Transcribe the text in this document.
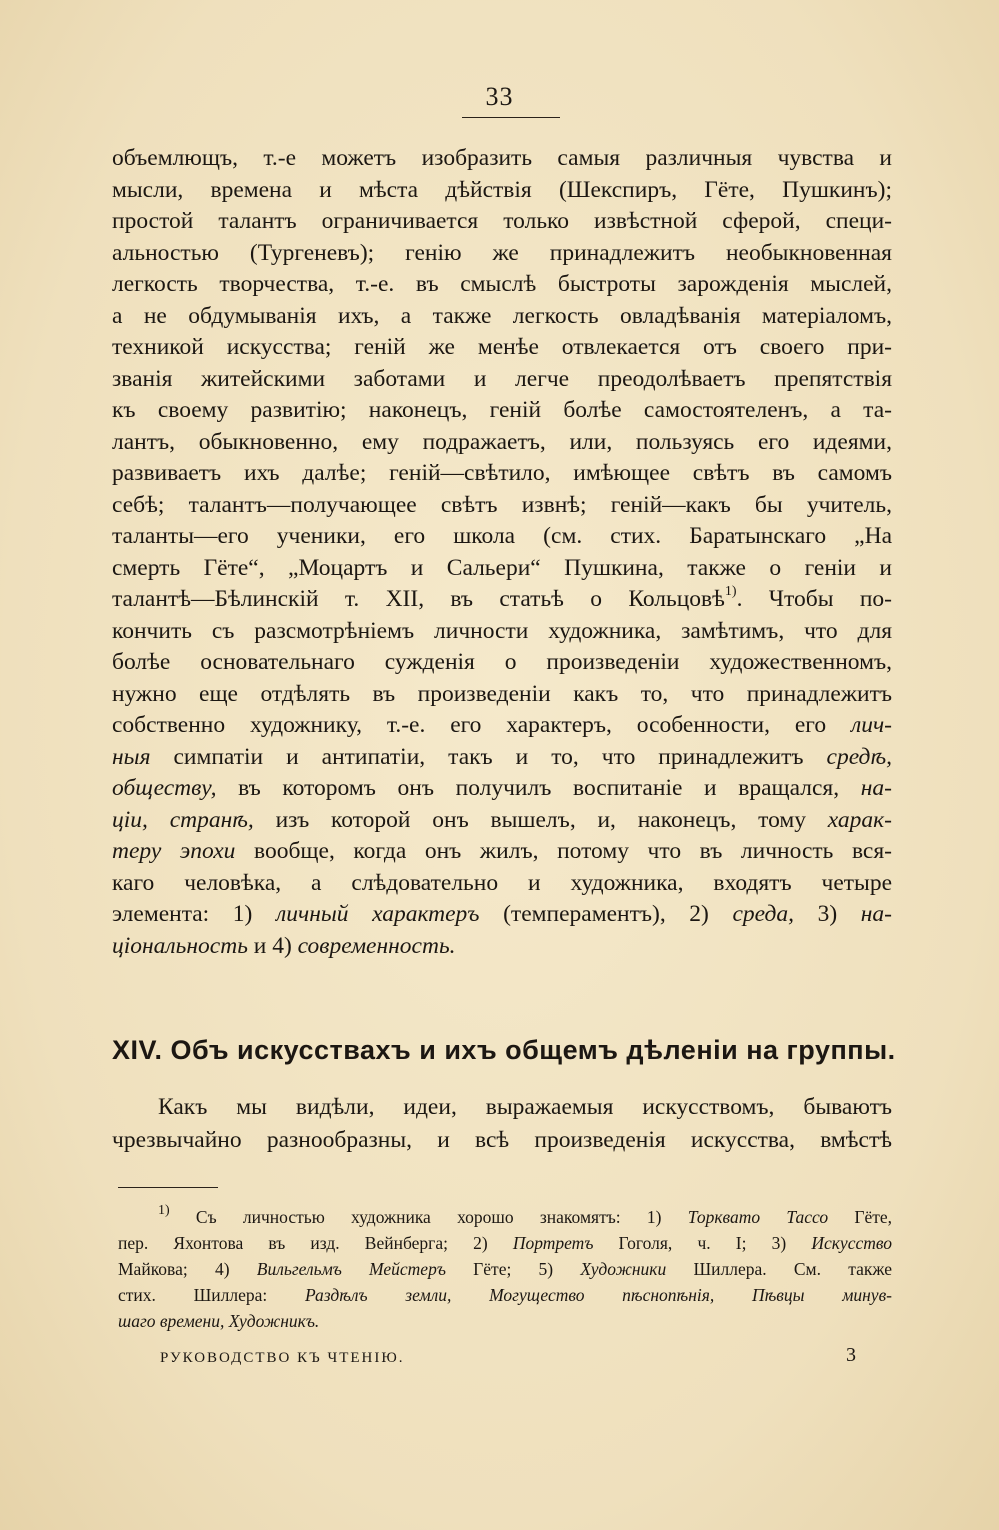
33
объемлющъ, т.-е можетъ изобразить самыя различныя чувства и
мысли, времена и мѣста дѣйствія (Шекспиръ, Гёте, Пушкинъ);
простой талантъ ограничивается только извѣстной сферой, специ-
альностью (Тургеневъ); генію же принадлежитъ необыкновенная
легкость творчества, т.-е. въ смыслѣ быстроты зарожденія мыслей,
а не обдумыванія ихъ, а также легкость овладѣванія матеріаломъ,
техникой искусства; геній же менѣе отвлекается отъ своего при-
званія житейскими заботами и легче преодолѣваетъ препятствія
къ своему развитію; наконецъ, геній болѣе самостоятеленъ, а та-
лантъ, обыкновенно, ему подражаетъ, или, пользуясь его идеями,
развиваетъ ихъ далѣе; геній—свѣтило, имѣющее свѣтъ въ самомъ
себѣ; талантъ—получающее свѣтъ извнѣ; геній—какъ бы учитель,
таланты—его ученики, его школа (см. стих. Баратынскаго „На
смерть Гёте“, „Моцартъ и Сальери“ Пушкина, также о геніи и
талантѣ—Бѣлинскій т. XII, въ статьѣ о Кольцовѣ$^{1)}$. Чтобы по-
кончить съ разсмотрѣніемъ личности художника, замѣтимъ, что для
болѣе основательнаго сужденія о произведеніи художественномъ,
нужно еще отдѣлять въ произведеніи какъ то, что принадлежитъ
собственно художнику, т.-е. его характеръ, особенности, его лич-
ныя симпатіи и антипатіи, такъ и то, что принадлежитъ средѣ,
обществу, въ которомъ онъ получилъ воспитаніе и вращался, на-
ціи, странѣ, изъ которой онъ вышелъ, и, наконецъ, тому харак-
теру эпохи вообще, когда онъ жилъ, потому что въ личность вся-
каго человѣка, а слѣдовательно и художника, входятъ четыре
элемента: 1) личный характеръ (темпераментъ), 2) среда, 3) на-
ціональность и 4) современность.
XIV. Объ искусствахъ и ихъ общемъ дѣленіи на группы.
Какъ мы видѣли, идеи, выражаемыя искусствомъ, бываютъ
чрезвычайно разнообразны, и всѣ произведенія искусства, вмѣстѣ
$^{1)}$ Съ личностью художника хорошо знакомятъ: 1) Торквато Тассо Гёте,
пер. Яхонтова въ изд. Вейнберга; 2) Портретъ Гоголя, ч. I; 3) Искусство
Майкова; 4) Вильгельмъ Мейстеръ Гёте; 5) Художники Шиллера. См. также
стих. Шиллера: Раздѣлъ земли, Могущество пѣснопѣнія, Пѣвцы минув-
шаго времени, Художникъ.
РУКОВОДСТВО КЪ ЧТЕНІЮ.	3
